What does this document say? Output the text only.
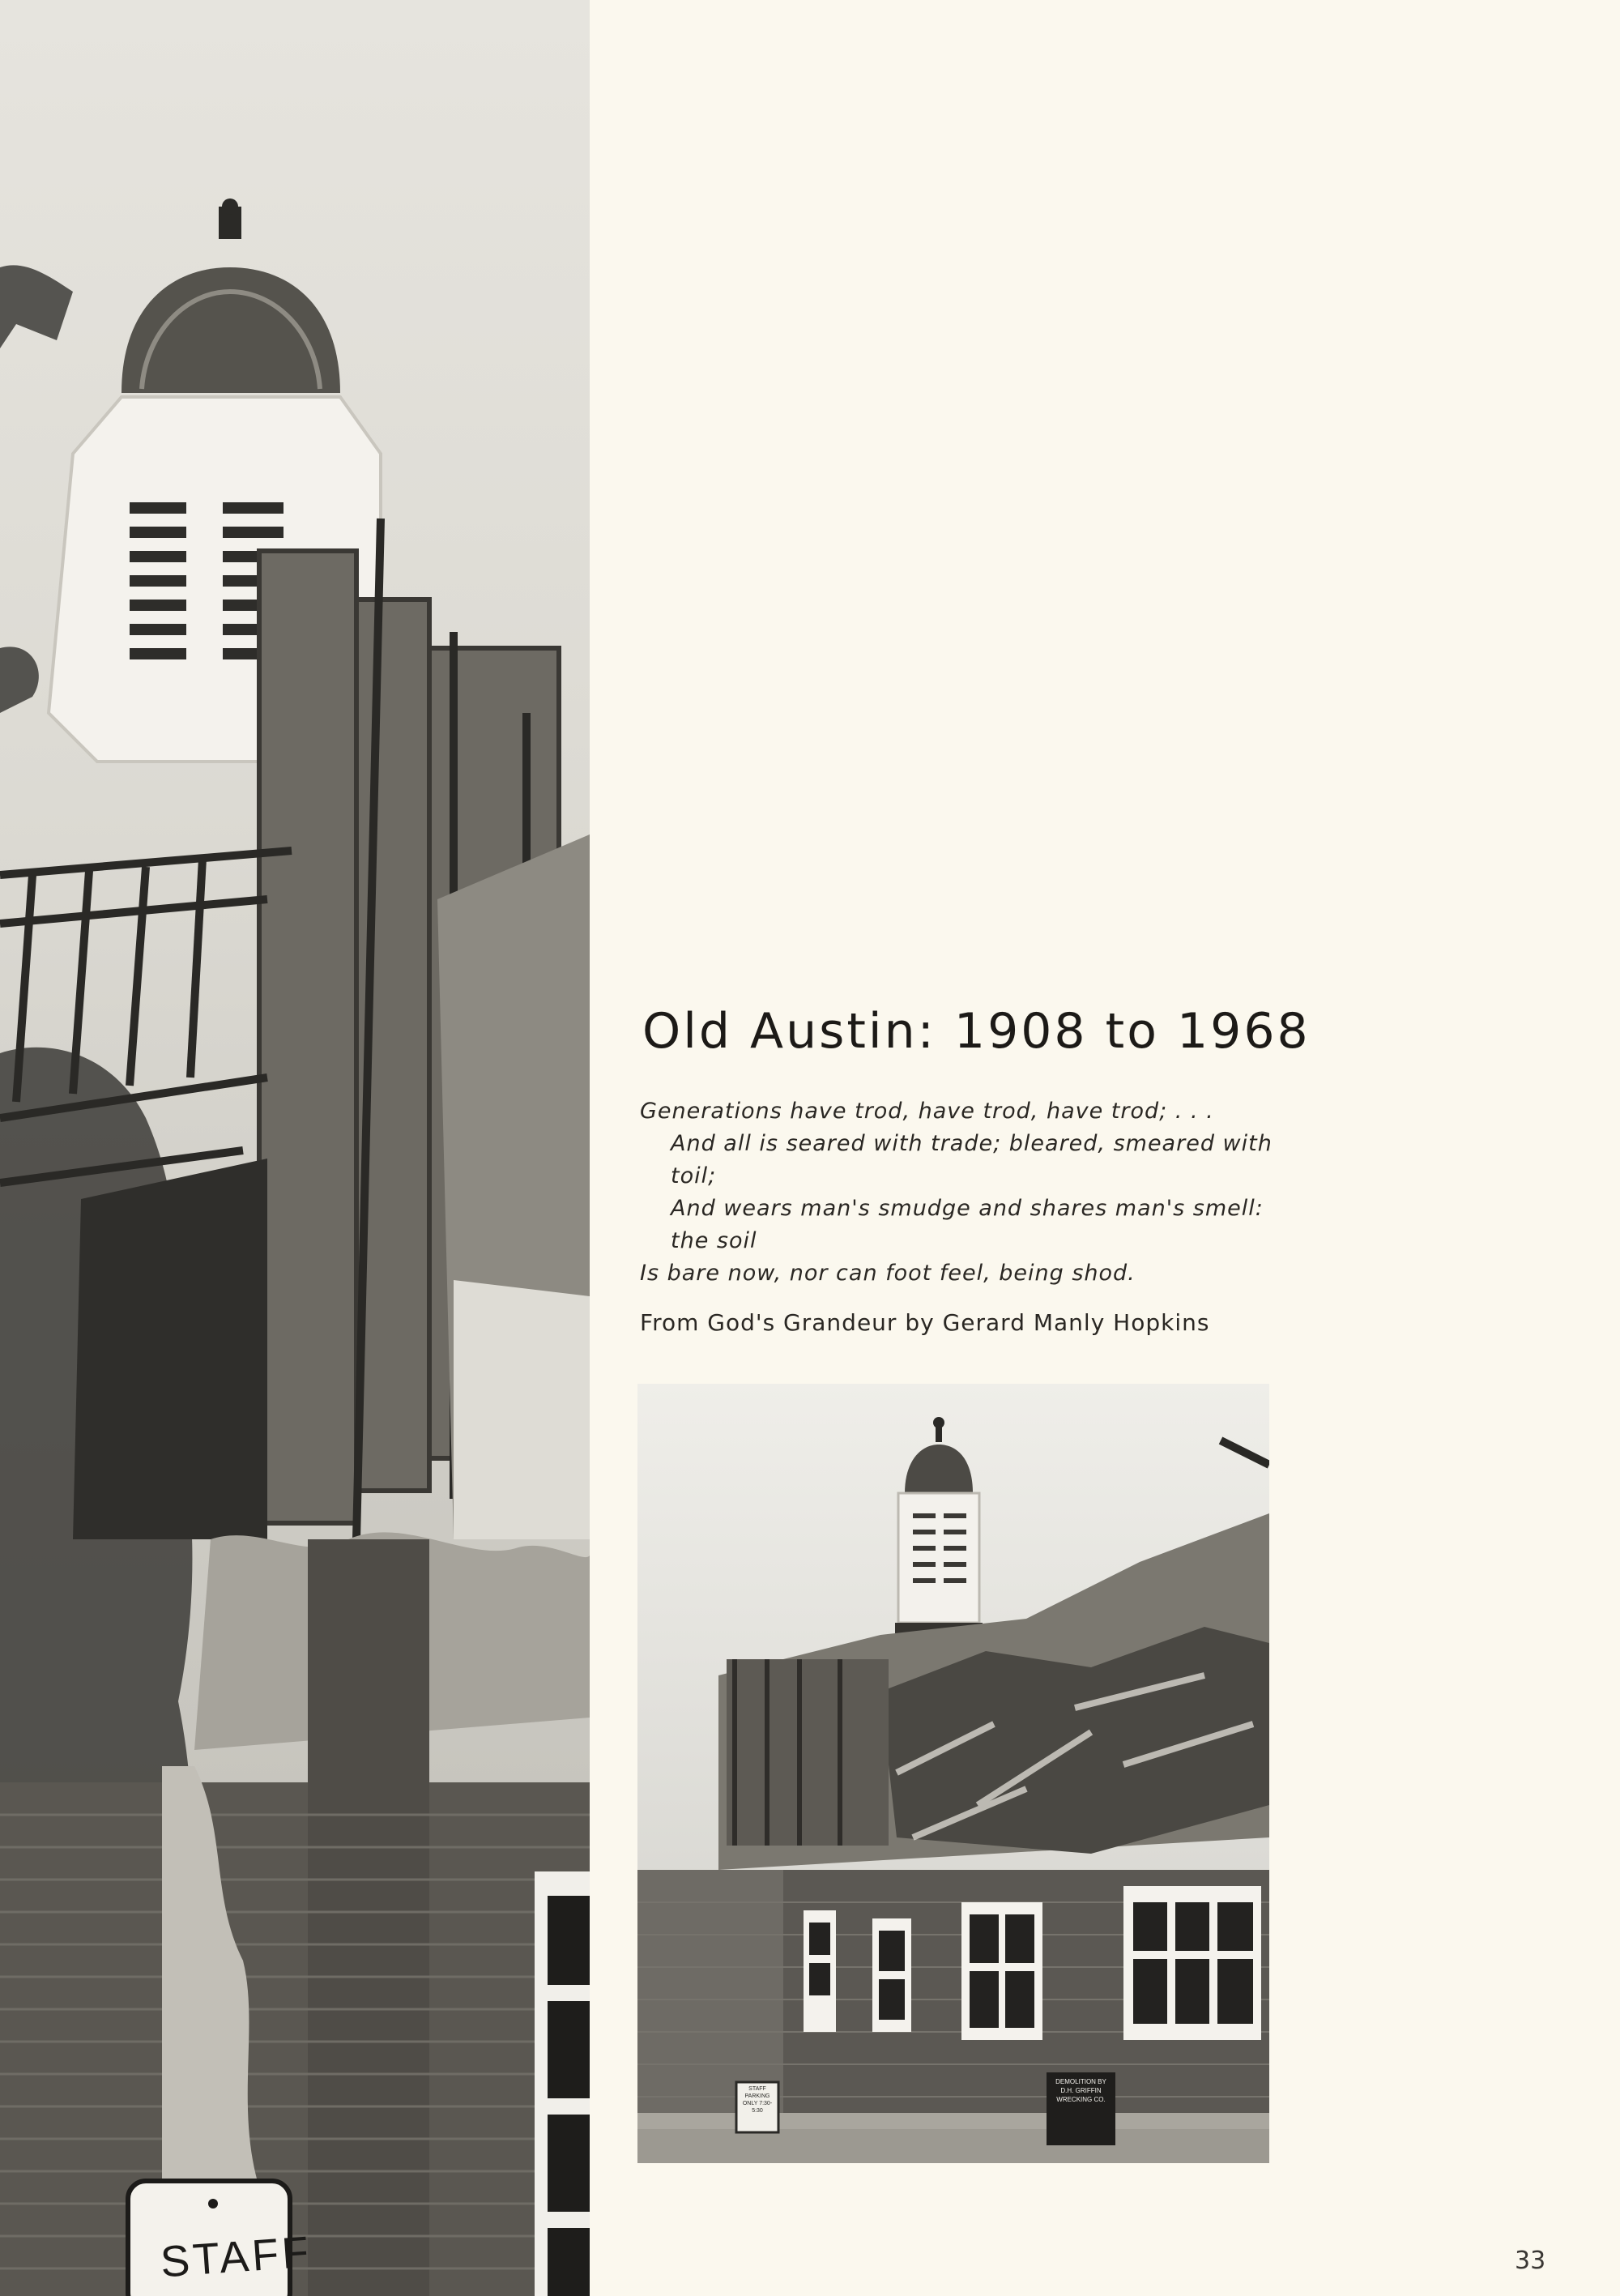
STAFF
Old Austin: 1908 to 1968
Generations have trod, have trod, have trod; . . .
And all is seared with trade; bleared, smeared with
toil;
And wears man's smudge and shares man's smell:
the soil
Is bare now, nor can foot feel, being shod.
From God's Grandeur by Gerard Manly Hopkins
STAFF PARKING ONLY 7:30-5:30
DEMOLITION BY D.H. GRIFFIN WRECKING CO.
33
